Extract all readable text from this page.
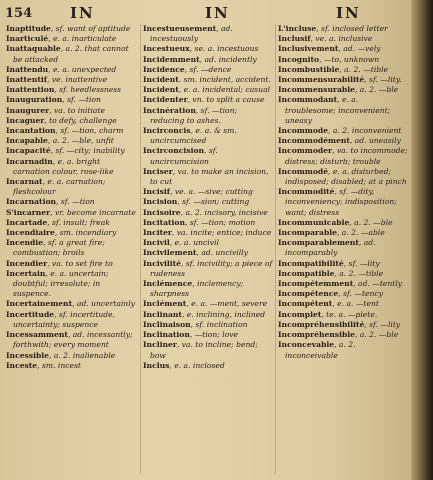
154	IN	IN	IN
Inaptitude, sf. want of aptitude
Inarticulé, e. a. inarticulate
Inattaquable, a. 2. that cannot be attacked
Inattendu, e. a. unexpected
Inattentif, ve. inattentive
Inattention, sf. heedlessness
Inauguration, sf. —tion
Inaugurer, va. to initiate
Incaguer, to defy, challenge
Incantation, sf. —tion, charm
Incapable, a. 2. —ble, unfit
Incapacité, sf. —city; inability
Incarnadin, e. a. bright carnation colour, rose-like
Incarnat, e. a. carnation; fleshcolour
Incarnation, sf. —tion
S'incarner, vr. become incarnate
Incartade, sf. insult; freak
Incendiaire, sm. incendiary
Incendie, sf. a great fire; combustion; broils
Incendier, va. to set fire to
Incertain, e. a. uncertain; doubtful; irresolute; in suspence.
Incertainement, ad. uncertainly
Incertitude, sf. incertitude, uncertainty; suspence
Incessamment, ad. incessantly; forthwith; every moment
Incessible, a. 2. inalienable
Inceste, sm. incest
Incestueusement, ad. incestuously
Incestueux, se. a. incestuous
Incidemment, ad. incidently
Incidence, sf. —dence
Incident. sm. incident, accident.
Incident, e. a. incidental; casual
Incidenter, vn. to split a cause
Incinération, sf. —tion; reducing to ashes.
Incirconcis, e. a. & sm. uncircumcised
Incirconcision, sf. uncircumcision
Inciser, va. to make an incision, to cut
Incisif, ve. a. —sive; cutting
Incision, sf. —sion; cutting
Incisoire, a. 2. incisory, incisive
Incitation, sf. —tion; motion
Inciter, va. incite; entice; induce
Incivil, e. a. uncivil
Incivilement, ad. uncivilly
Incivilité, sf. incivility; a piece of rudeness
Inclémence, inclemency; sharpness
Inclément, e. a. —ment, severe
Inclinant, e. inclining, inclined
Inclinaison, sf. inclination
Inclination, —tion; love
Incliner, va. to incline; bend; bow
Inclus, e. a. inclosed
L'incluse, sf. inclosed letter
Inclusif, ve. a. inclusive
Inclusivement, ad. —vely
Incognito, —to, unknown
Incombustible, a. 2. —tible
Incommensurabilité, sf. —lity.
Incommensurable, a. 2. —ble
Incommodant, e. a. troublesome; inconvenient; uneasy
Incommode, a. 2. inconvenient
Incommodément, ad. uneasily
Incommoder, va. to incommode; distress; disturb; trouble
Incommodé, e. a. disturbed; indisposed; disabled; at a pinch
Incommodité, sf. —dity, inconveniency; indisposition; want; distress
Incommunicable, a. 2. —ble
Incomparable, a. 2. —able
Incomparablement, ad. incomparably
Incompatibilité, sf. —lity
Incompatible, a. 2. —tible
Incompétemment, ad. —tently
Incompétence, sf. —tency
Incompétent, e. a. —tent
Incomplet, te. a. —plete.
Incompréhensibilité, sf. —lity
Incompréhensible, a. 2. —ble
Inconcevable, a. 2. inconceivable
